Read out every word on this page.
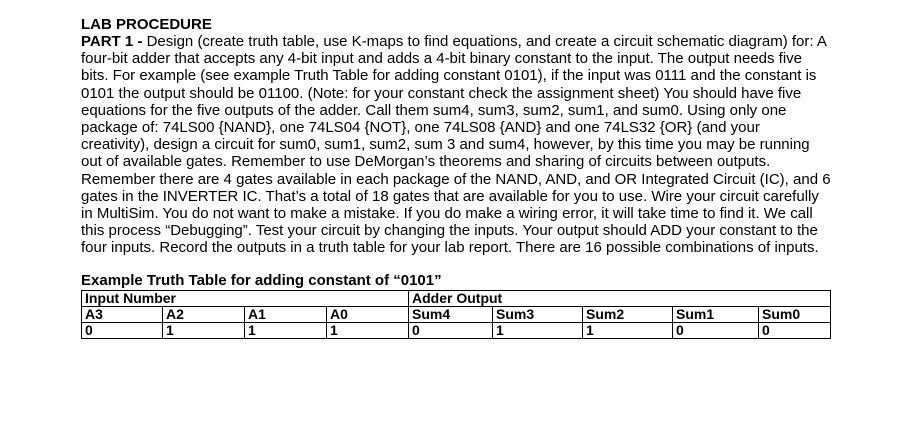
LAB PROCEDURE

PART 1 - Design (create truth table, use K-maps to find equations, and create a circuit schematic diagram) for: A four-bit adder that accepts any 4-bit input and adds a 4-bit binary constant to the input. The output needs five bits. For example (see example Truth Table for adding constant 0101), if the input was 0111 and the constant is 0101 the output should be 01100. (Note: for your constant check the assignment sheet) You should have five equations for the five outputs of the adder. Call them sum4, sum3, sum2, sum1, and sum0. Using only one package of: 74LS00 {NAND}, one 74LS04 {NOT}, one 74LS08 {AND} and one 74LS32 {OR} (and your creativity), design a circuit for sum0, sum1, sum2, sum 3 and sum4, however, by this time you may be running out of available gates. Remember to use DeMorgan’s theorems and sharing of circuits between outputs. Remember there are 4 gates available in each package of the NAND, AND, and OR Integrated Circuit (IC), and 6 gates in the INVERTER IC. That’s a total of 18 gates that are available for you to use. Wire your circuit carefully in MultiSim. You do not want to make a mistake. If you do make a wiring error, it will take time to find it. We call this process “Debugging”. Test your circuit by changing the inputs. Your output should ADD your constant to the four inputs. Record the outputs in a truth table for your lab report. There are 16 possible combinations of inputs.

Example Truth Table for adding constant of “0101”
Input Number				Adder Output				
A3	A2	A1	A0	Sum4	Sum3	Sum2	Sum1	Sum0
0	1	1	1	0	1	1	0	0
